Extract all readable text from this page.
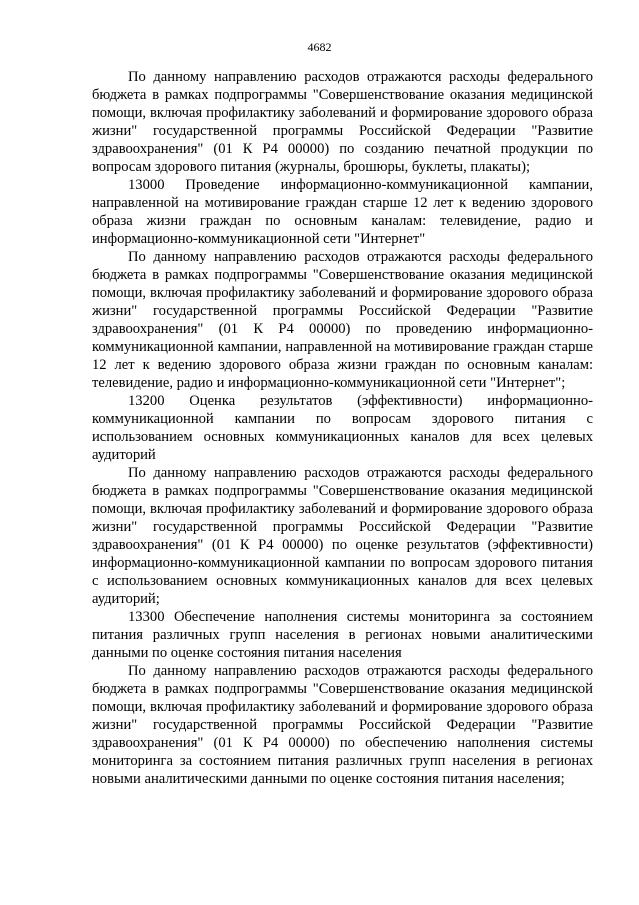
4682

По данному направлению расходов отражаются расходы федерального бюджета в рамках подпрограммы "Совершенствование оказания медицинской помощи, включая профилактику заболеваний и формирование здорового образа жизни" государственной программы Российской Федерации "Развитие здравоохранения" (01 К Р4 00000) по созданию печатной продукции по вопросам здорового питания (журналы, брошюры, буклеты, плакаты);

13000 Проведение информационно-коммуникационной кампании, направленной на мотивирование граждан старше 12 лет к ведению здорового образа жизни граждан по основным каналам: телевидение, радио и информационно-коммуникационной сети "Интернет"

По данному направлению расходов отражаются расходы федерального бюджета в рамках подпрограммы "Совершенствование оказания медицинской помощи, включая профилактику заболеваний и формирование здорового образа жизни" государственной программы Российской Федерации "Развитие здравоохранения" (01 К Р4 00000) по проведению информационно-коммуникационной кампании, направленной на мотивирование граждан старше 12 лет к ведению здорового образа жизни граждан по основным каналам: телевидение, радио и информационно-коммуникационной сети "Интернет";

13200 Оценка результатов (эффективности) информационно-коммуникационной кампании по вопросам здорового питания с использованием основных коммуникационных каналов для всех целевых аудиторий

По данному направлению расходов отражаются расходы федерального бюджета в рамках подпрограммы "Совершенствование оказания медицинской помощи, включая профилактику заболеваний и формирование здорового образа жизни" государственной программы Российской Федерации "Развитие здравоохранения" (01 К Р4 00000) по оценке результатов (эффективности) информационно-коммуникационной кампании по вопросам здорового питания с использованием основных коммуникационных каналов для всех целевых аудиторий;

13300 Обеспечение наполнения системы мониторинга за состоянием питания различных групп населения в регионах новыми аналитическими данными по оценке состояния питания населения

По данному направлению расходов отражаются расходы федерального бюджета в рамках подпрограммы "Совершенствование оказания медицинской помощи, включая профилактику заболеваний и формирование здорового образа жизни" государственной программы Российской Федерации "Развитие здравоохранения" (01 К Р4 00000) по обеспечению наполнения системы мониторинга за состоянием питания различных групп населения в регионах новыми аналитическими данными по оценке состояния питания населения;
